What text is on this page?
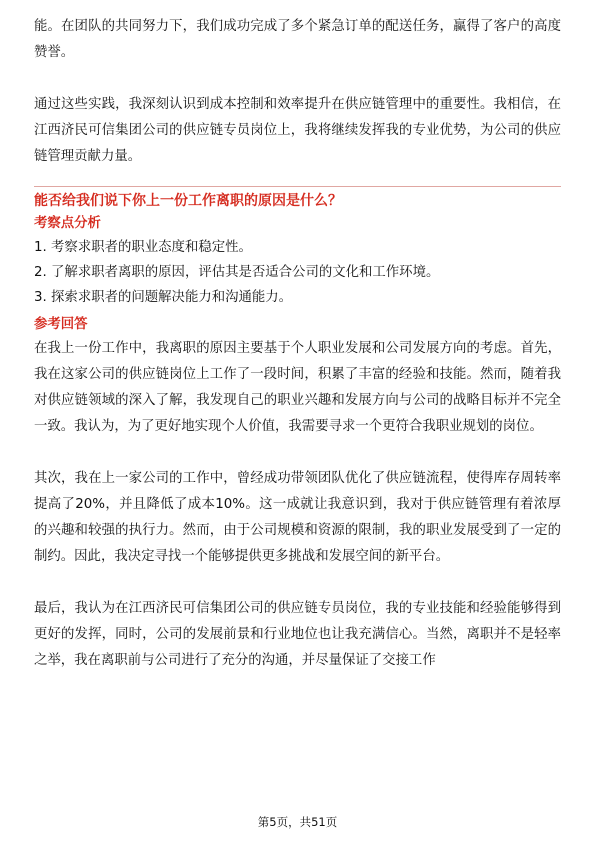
能。在团队的共同努力下，我们成功完成了多个紧急订单的配送任务，赢得了客户的高度赞誉。

通过这些实践，我深刻认识到成本控制和效率提升在供应链管理中的重要性。我相信，在江西济民可信集团公司的供应链专员岗位上，我将继续发挥我的专业优势，为公司的供应链管理贡献力量。

能否给我们说下你上一份工作离职的原因是什么？
考察点分析
1. 考察求职者的职业态度和稳定性。
2. 了解求职者离职的原因，评估其是否适合公司的文化和工作环境。
3. 探索求职者的问题解决能力和沟通能力。
参考回答

在我上一份工作中，我离职的原因主要基于个人职业发展和公司发展方向的考虑。首先，我在这家公司的供应链岗位上工作了一段时间，积累了丰富的经验和技能。然而，随着我对供应链领域的深入了解，我发现自己的职业兴趣和发展方向与公司的战略目标并不完全一致。我认为，为了更好地实现个人价值，我需要寻求一个更符合我职业规划的岗位。

其次，我在上一家公司的工作中，曾经成功带领团队优化了供应链流程，使得库存周转率提高了20%，并且降低了成本10%。这一成就让我意识到，我对于供应链管理有着浓厚的兴趣和较强的执行力。然而，由于公司规模和资源的限制，我的职业发展受到了一定的制约。因此，我决定寻找一个能够提供更多挑战和发展空间的新平台。

最后，我认为在江西济民可信集团公司的供应链专员岗位，我的专业技能和经验能够得到更好的发挥，同时，公司的发展前景和行业地位也让我充满信心。当然，离职并不是轻率之举，我在离职前与公司进行了充分的沟通，并尽量保证了交接工作

第5页，共51页
